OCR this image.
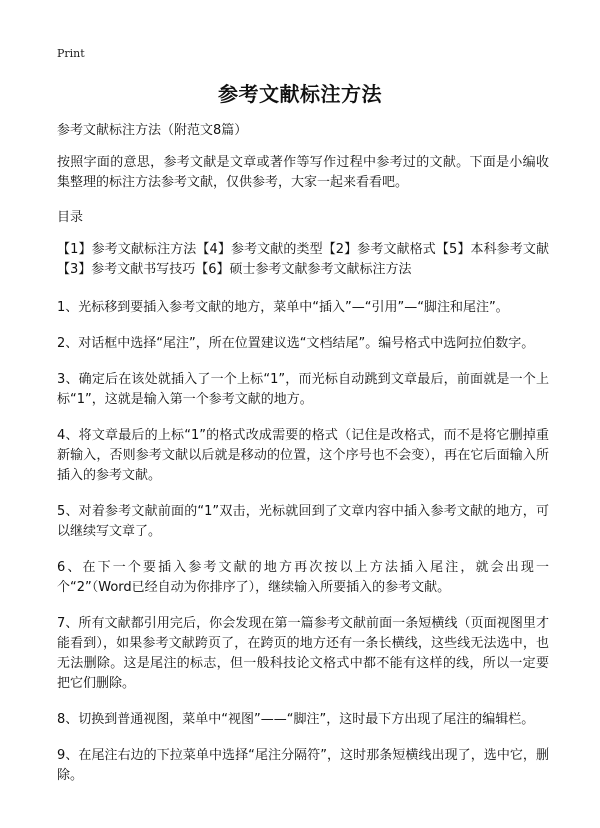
Print
参考文献标注方法

参考文献标注方法（附范文8篇）

按照字面的意思，参考文献是文章或著作等写作过程中参考过的文献。下面是小编收集整理的标注方法参考文献，仅供参考，大家一起来看看吧。

目录

【1】参考文献标注方法【4】参考文献的类型【2】参考文献格式【5】本科参考文献【3】参考文献书写技巧【6】硕士参考文献参考文献标注方法

1、光标移到要插入参考文献的地方，菜单中“插入”—“引用”—“脚注和尾注”。

2、对话框中选择“尾注”，所在位置建议选“文档结尾”。编号格式中选阿拉伯数字。

3、确定后在该处就插入了一个上标“1”，而光标自动跳到文章最后，前面就是一个上标“1”，这就是输入第一个参考文献的地方。

4、将文章最后的上标“1”的格式改成需要的格式（记住是改格式，而不是将它删掉重新输入，否则参考文献以后就是移动的位置，这个序号也不会变），再在它后面输入所插入的参考文献。

5、对着参考文献前面的“1”双击，光标就回到了文章内容中插入参考文献的地方，可以继续写文章了。

6、在下一个要插入参考文献的地方再次按以上方法插入尾注，就会出现一个“2”（Word已经自动为你排序了），继续输入所要插入的参考文献。

7、所有文献都引用完后，你会发现在第一篇参考文献前面一条短横线（页面视图里才能看到），如果参考文献跨页了，在跨页的地方还有一条长横线，这些线无法选中，也无法删除。这是尾注的标志，但一般科技论文格式中都不能有这样的线，所以一定要把它们删除。

8、切换到普通视图，菜单中“视图”——“脚注”，这时最下方出现了尾注的编辑栏。

9、在尾注右边的下拉菜单中选择“尾注分隔符”，这时那条短横线出现了，选中它，删除。
